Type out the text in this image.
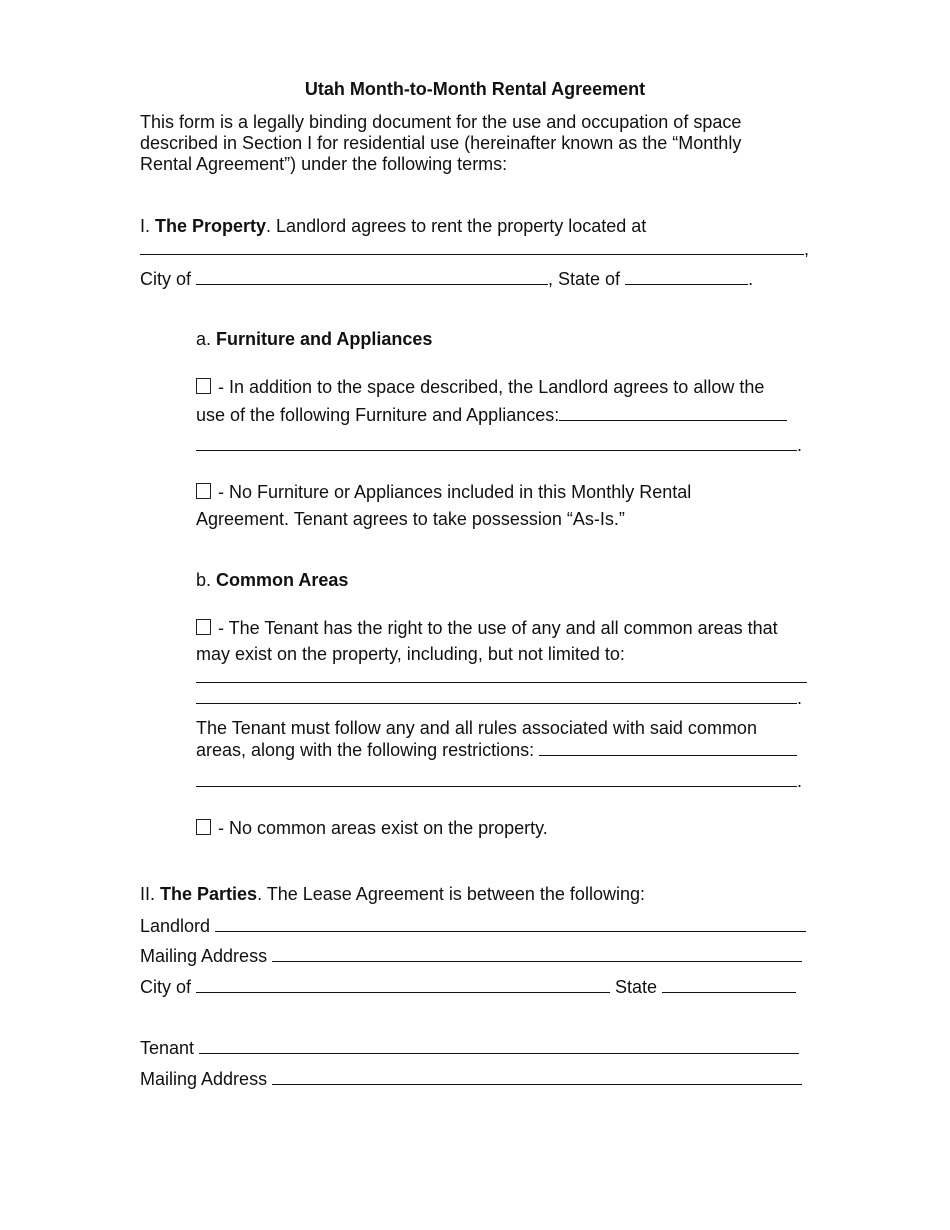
Utah Month-to-Month Rental Agreement
This form is a legally binding document for the use and occupation of space
described in Section I for residential use (hereinafter known as the “Monthly
Rental Agreement”) under the following terms:
I. The Property. Landlord agrees to rent the property located at
,
City of	, State of	.
a. Furniture and Appliances
- In addition to the space described, the Landlord agrees to allow the
use of the following Furniture and Appliances:
.
- No Furniture or Appliances included in this Monthly Rental
Agreement. Tenant agrees to take possession “As-Is.”
b. Common Areas
- The Tenant has the right to the use of any and all common areas that
may exist on the property, including, but not limited to:
.
The Tenant must follow any and all rules associated with said common
areas, along with the following restrictions:
.
- No common areas exist on the property.
II. The Parties. The Lease Agreement is between the following:
Landlord
Mailing Address
City of	State
Tenant
Mailing Address
